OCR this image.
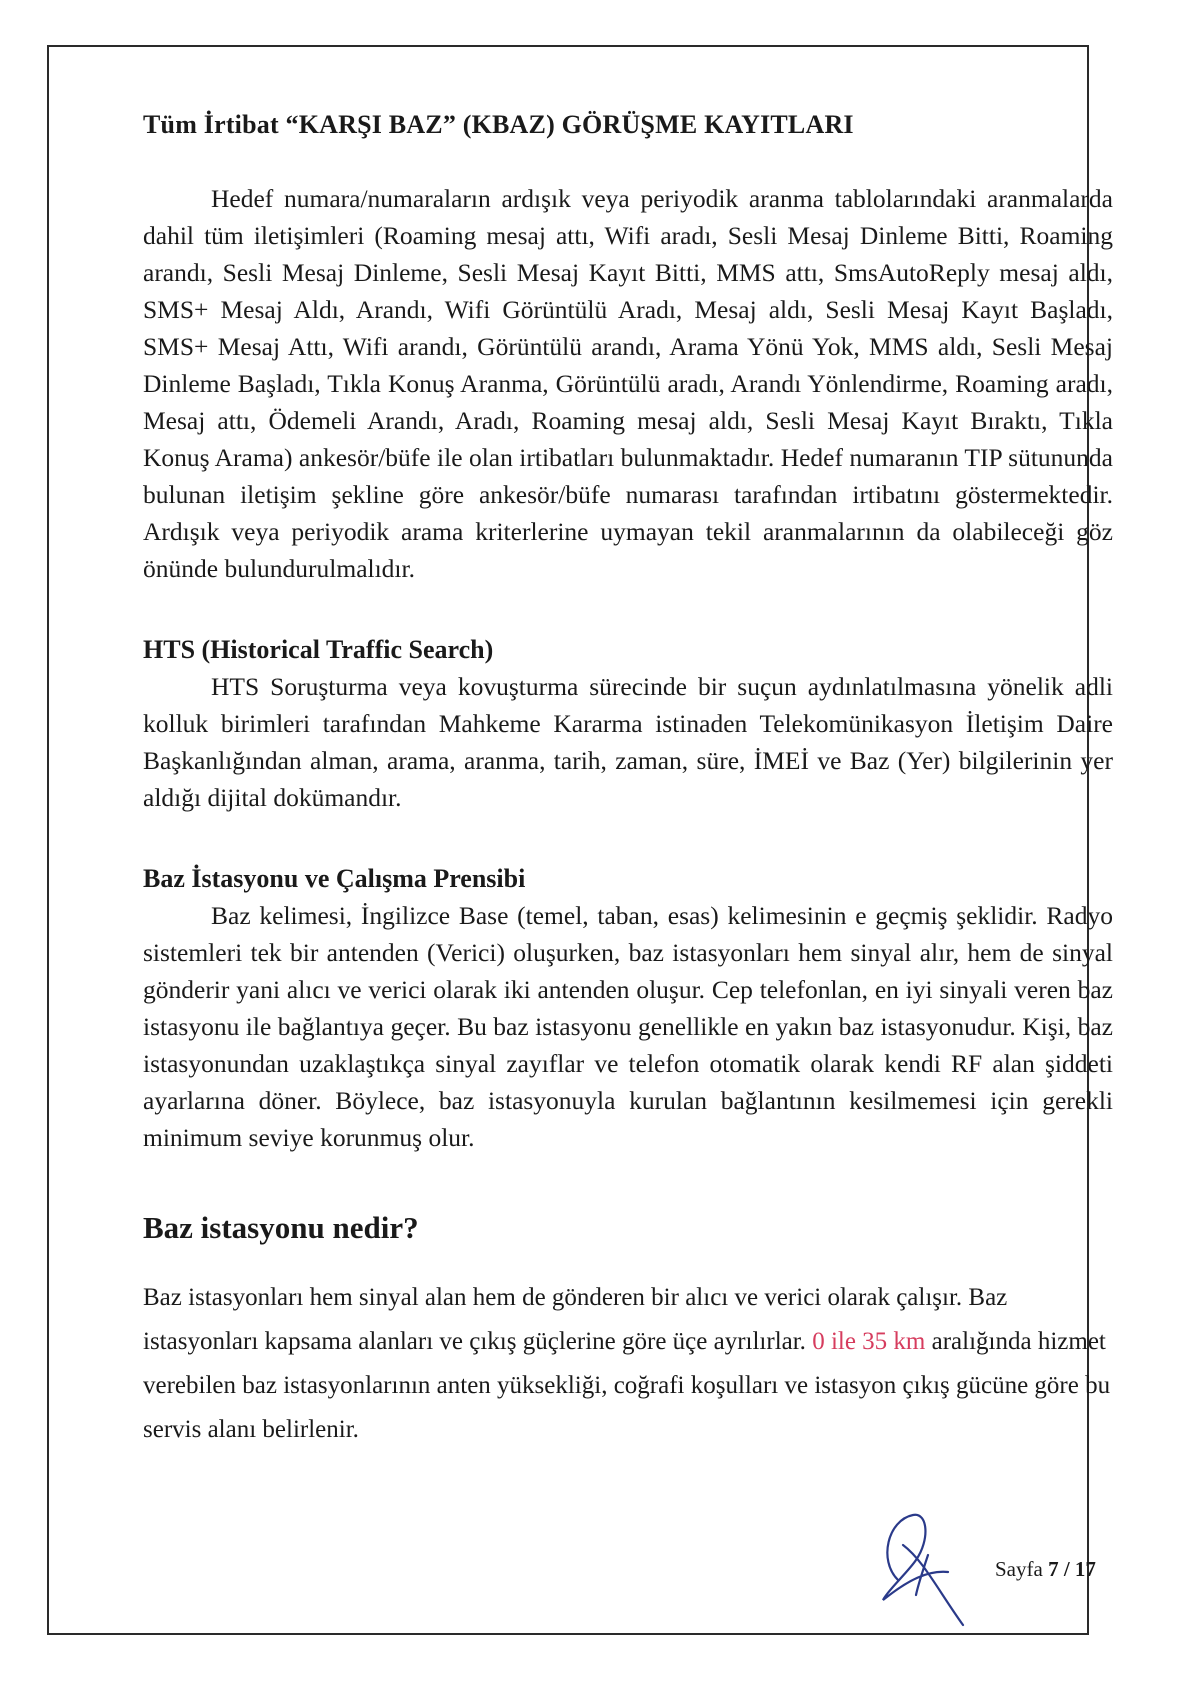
Tüm İrtibat “KARŞI BAZ” (KBAZ) GÖRÜŞME KAYITLARI

Hedef numara/numaraların ardışık veya periyodik aranma tablolarındaki aranmalarda dahil tüm iletişimleri (Roaming mesaj attı, Wifi aradı, Sesli Mesaj Dinleme Bitti, Roaming arandı, Sesli Mesaj Dinleme, Sesli Mesaj Kayıt Bitti, MMS attı, SmsAutoReply mesaj aldı, SMS+ Mesaj Aldı, Arandı, Wifi Görüntülü Aradı, Mesaj aldı, Sesli Mesaj Kayıt Başladı, SMS+ Mesaj Attı, Wifi arandı, Görüntülü arandı, Arama Yönü Yok, MMS aldı, Sesli Mesaj Dinleme Başladı, Tıkla Konuş Aranma, Görüntülü aradı, Arandı Yönlendirme, Roaming aradı, Mesaj attı, Ödemeli Arandı, Aradı, Roaming mesaj aldı, Sesli Mesaj Kayıt Bıraktı, Tıkla Konuş Arama) ankesör/büfe ile olan irtibatları bulunmaktadır. Hedef numaranın TIP sütununda bulunan iletişim şekline göre ankesör/büfe numarası tarafından irtibatını göstermektedir. Ardışık veya periyodik arama kriterlerine uymayan tekil aranmalarının da olabileceği göz önünde bulundurulmalıdır.

HTS (Historical Traffic Search)

HTS Soruşturma veya kovuşturma sürecinde bir suçun aydınlatılmasına yönelik adli kolluk birimleri tarafından Mahkeme Kararma istinaden Telekomünikasyon İletişim Daire Başkanlığından alman, arama, aranma, tarih, zaman, süre, İMEİ ve Baz (Yer) bilgilerinin yer aldığı dijital dokümandır.

Baz İstasyonu ve Çalışma Prensibi

Baz kelimesi, İngilizce Base (temel, taban, esas) kelimesinin e geçmiş şeklidir. Radyo sistemleri tek bir antenden (Verici) oluşurken, baz istasyonları hem sinyal alır, hem de sinyal gönderir yani alıcı ve verici olarak iki antenden oluşur. Cep telefonlan, en iyi sinyali veren baz istasyonu ile bağlantıya geçer. Bu baz istasyonu genellikle en yakın baz istasyonudur. Kişi, baz istasyonundan uzaklaştıkça sinyal zayıflar ve telefon otomatik olarak kendi RF alan şiddeti ayarlarına döner. Böylece, baz istasyonuyla kurulan bağlantının kesilmemesi için gerekli minimum seviye korunmuş olur.

Baz istasyonu nedir?

Baz istasyonları hem sinyal alan hem de gönderen bir alıcı ve verici olarak çalışır. Baz istasyonları kapsama alanları ve çıkış güçlerine göre üçe ayrılırlar. 0 ile 35 km aralığında hizmet verebilen baz istasyonlarının anten yüksekliği, coğrafi koşulları ve istasyon çıkış gücüne göre bu servis alanı belirlenir.

Sayfa 7 / 17
